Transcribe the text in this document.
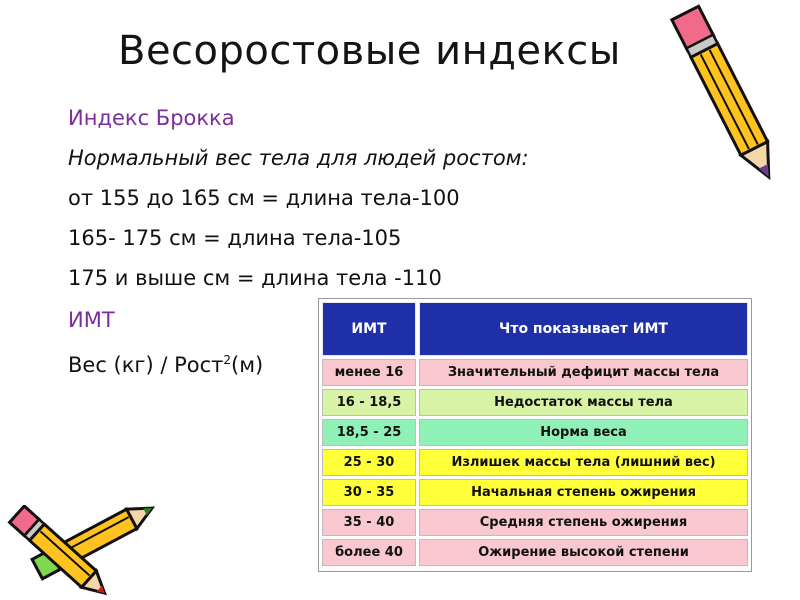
Весоростовые индексы
Индекс Брокка
Нормальный вес тела для людей ростом:
от 155 до 165 см = длина тела-100
165- 175 см = длина тела-105
175 и выше см = длина тела -110
ИМТ
Вес (кг) / Рост$^2$(м)
ИМТ	Что показывает ИМТ
менее 16	Значительный дефицит массы тела
16 - 18,5	Недостаток массы тела
18,5 - 25	Норма веса
25 - 30	Излишек массы тела (лишний вес)
30 - 35	Начальная степень ожирения
35 - 40	Средняя степень ожирения
более 40	Ожирение высокой степени
